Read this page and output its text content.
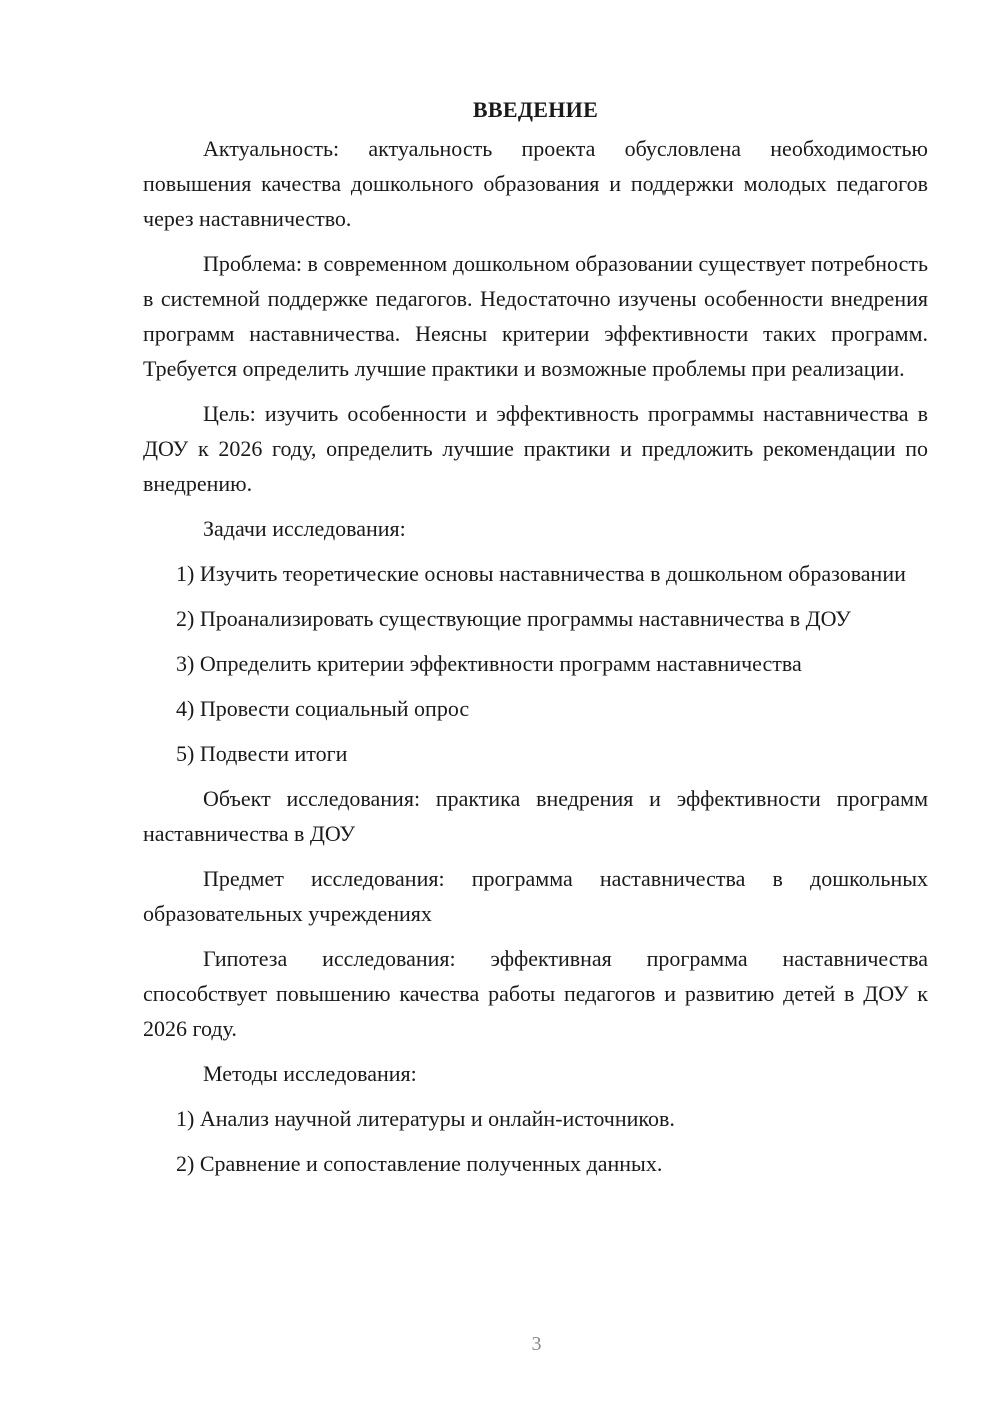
ВВЕДЕНИЕ

Актуальность: актуальность проекта обусловлена необходимостью повышения качества дошкольного образования и поддержки молодых педагогов через наставничество.

Проблема: в современном дошкольном образовании существует потребность в системной поддержке педагогов. Недостаточно изучены особенности внедрения программ наставничества. Неясны критерии эффективности таких программ. Требуется определить лучшие практики и возможные проблемы при реализации.

Цель: изучить особенности и эффективность программы наставничества в ДОУ к 2026 году, определить лучшие практики и предложить рекомендации по внедрению.

Задачи исследования:

1) Изучить теоретические основы наставничества в дошкольном образовании

2) Проанализировать существующие программы наставничества в ДОУ

3) Определить критерии эффективности программ наставничества

4) Провести социальный опрос

5) Подвести итоги

Объект исследования: практика внедрения и эффективности программ наставничества в ДОУ

Предмет исследования: программа наставничества в дошкольных образовательных учреждениях

Гипотеза исследования: эффективная программа наставничества способствует повышению качества работы педагогов и развитию детей в ДОУ к 2026 году.

Методы исследования:

1) Анализ научной литературы и онлайн-источников.

2) Сравнение и сопоставление полученных данных.

3
